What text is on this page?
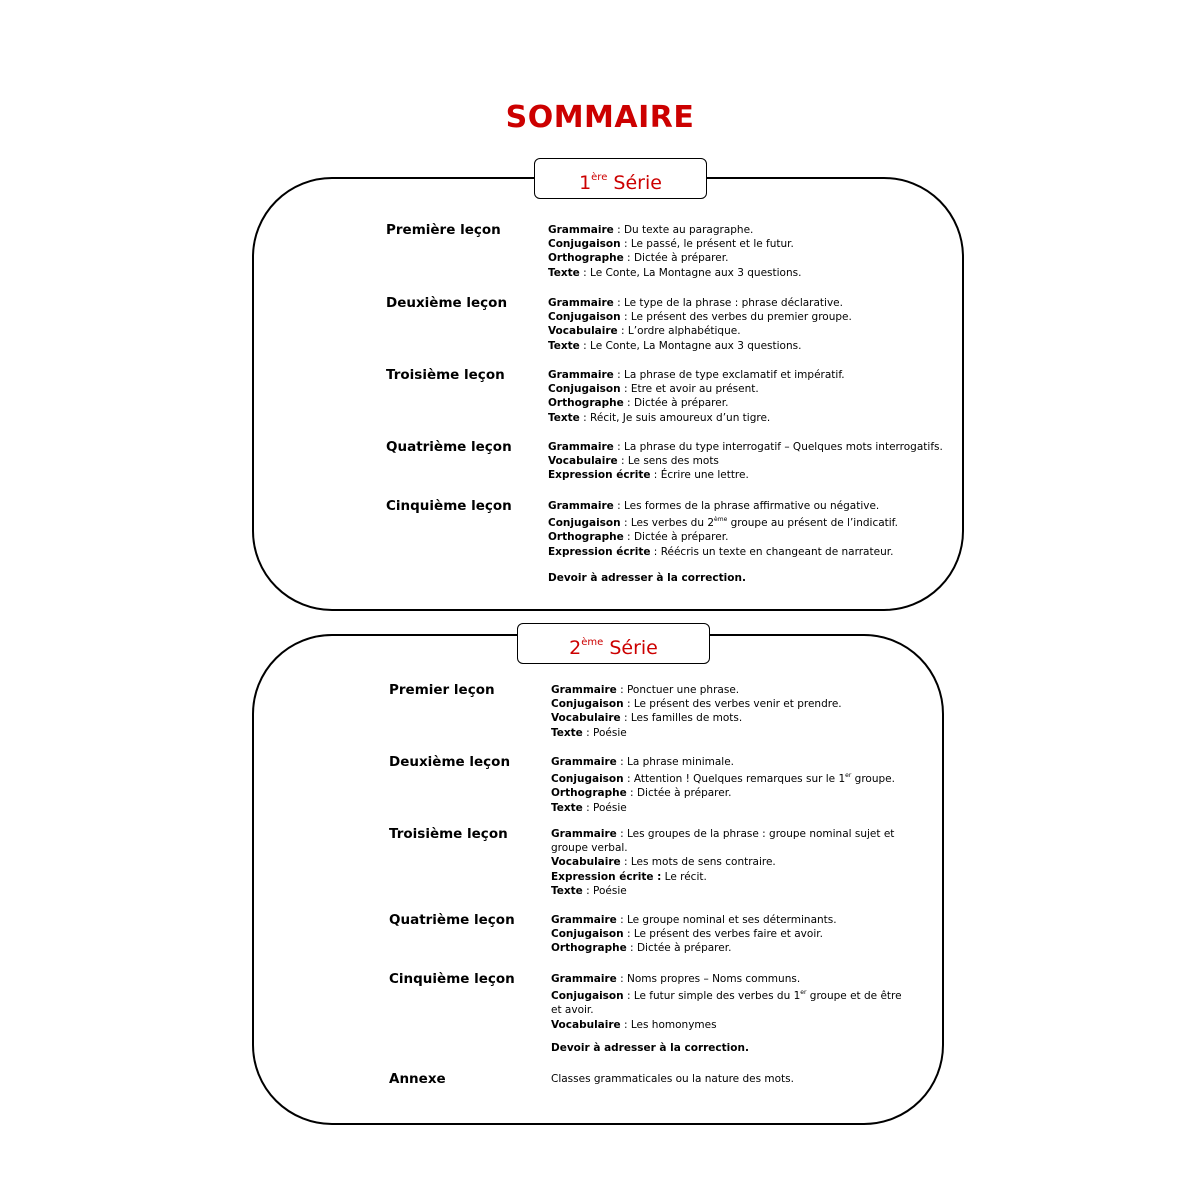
SOMMAIRE
1ère Série
Première leçon	Grammaire : Du texte au paragraphe.
Conjugaison : Le passé, le présent et le futur.
Orthographe : Dictée à préparer.
Texte : Le Conte, La Montagne aux 3 questions.
Deuxième leçon	Grammaire : Le type de la phrase : phrase déclarative.
Conjugaison : Le présent des verbes du premier groupe.
Vocabulaire : L’ordre alphabétique.
Texte : Le Conte, La Montagne aux 3 questions.
Troisième leçon	Grammaire : La phrase de type exclamatif et impératif.
Conjugaison : Etre et avoir au présent.
Orthographe : Dictée à préparer.
Texte : Récit, Je suis amoureux d’un tigre.
Quatrième leçon	Grammaire : La phrase du type interrogatif – Quelques mots interrogatifs.
Vocabulaire : Le sens des mots
Expression écrite : Écrire une lettre.
Cinquième leçon	Grammaire : Les formes de la phrase affirmative ou négative.
Conjugaison : Les verbes du 2ème groupe au présent de l’indicatif.
Orthographe : Dictée à préparer.
Expression écrite : Réécris un texte en changeant de narrateur.
Devoir à adresser à la correction.
2ème Série
Premier leçon	Grammaire : Ponctuer une phrase.
Conjugaison : Le présent des verbes venir et prendre.
Vocabulaire : Les familles de mots.
Texte : Poésie
Deuxième leçon	Grammaire : La phrase minimale.
Conjugaison : Attention ! Quelques remarques sur le 1er groupe.
Orthographe : Dictée à préparer.
Texte : Poésie
Troisième leçon	Grammaire : Les groupes de la phrase : groupe nominal sujet et groupe verbal.
Vocabulaire : Les mots de sens contraire.
Expression écrite : Le récit.
Texte : Poésie
Quatrième leçon	Grammaire : Le groupe nominal et ses déterminants.
Conjugaison : Le présent des verbes faire et avoir.
Orthographe : Dictée à préparer.
Cinquième leçon	Grammaire : Noms propres – Noms communs.
Conjugaison : Le futur simple des verbes du 1er groupe et de être et avoir.
Vocabulaire : Les homonymes
Devoir à adresser à la correction.
Annexe	Classes grammaticales ou la nature des mots.
